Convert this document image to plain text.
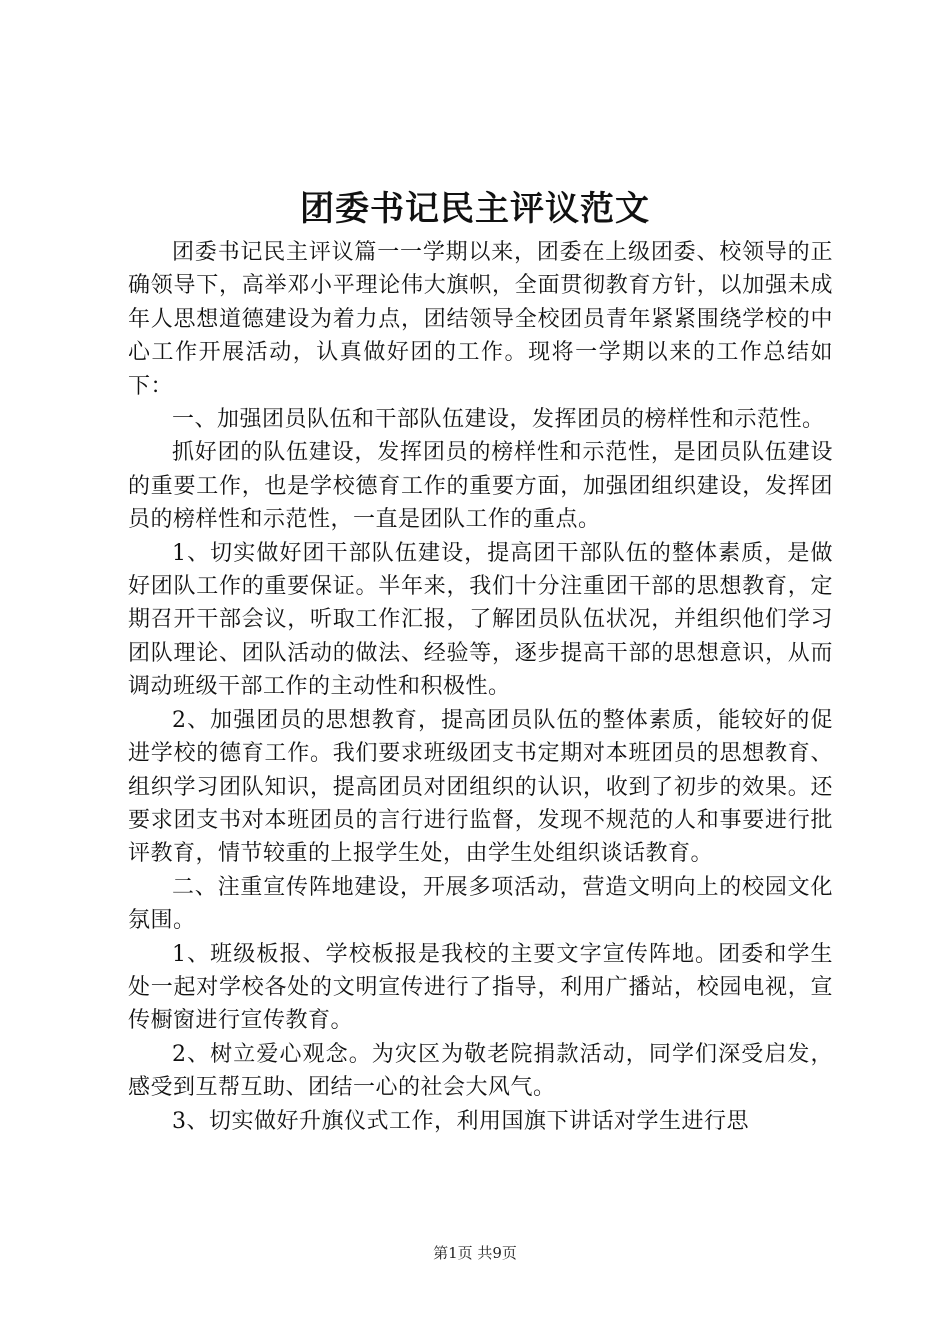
团委书记民主评议范文

团委书记民主评议篇一一学期以来，团委在上级团委、校领导的正确领导下，高举邓小平理论伟大旗帜，全面贯彻教育方针，以加强未成年人思想道德建设为着力点，团结领导全校团员青年紧紧围绕学校的中心工作开展活动，认真做好团的工作。现将一学期以来的工作总结如下：

一、加强团员队伍和干部队伍建设，发挥团员的榜样性和示范性。

抓好团的队伍建设，发挥团员的榜样性和示范性，是团员队伍建设的重要工作，也是学校德育工作的重要方面，加强团组织建设，发挥团员的榜样性和示范性，一直是团队工作的重点。

1、切实做好团干部队伍建设，提高团干部队伍的整体素质，是做好团队工作的重要保证。半年来，我们十分注重团干部的思想教育，定期召开干部会议，听取工作汇报，了解团员队伍状况，并组织他们学习团队理论、团队活动的做法、经验等，逐步提高干部的思想意识，从而调动班级干部工作的主动性和积极性。

2、加强团员的思想教育，提高团员队伍的整体素质，能较好的促进学校的德育工作。我们要求班级团支书定期对本班团员的思想教育、组织学习团队知识，提高团员对团组织的认识，收到了初步的效果。还要求团支书对本班团员的言行进行监督，发现不规范的人和事要进行批评教育，情节较重的上报学生处，由学生处组织谈话教育。

二、注重宣传阵地建设，开展多项活动，营造文明向上的校园文化氛围。

1、班级板报、学校板报是我校的主要文字宣传阵地。团委和学生处一起对学校各处的文明宣传进行了指导，利用广播站，校园电视，宣传橱窗进行宣传教育。

2、树立爱心观念。为灾区为敬老院捐款活动，同学们深受启发，感受到互帮互助、团结一心的社会大风气。

3、切实做好升旗仪式工作，利用国旗下讲话对学生进行思

第1页 共9页
